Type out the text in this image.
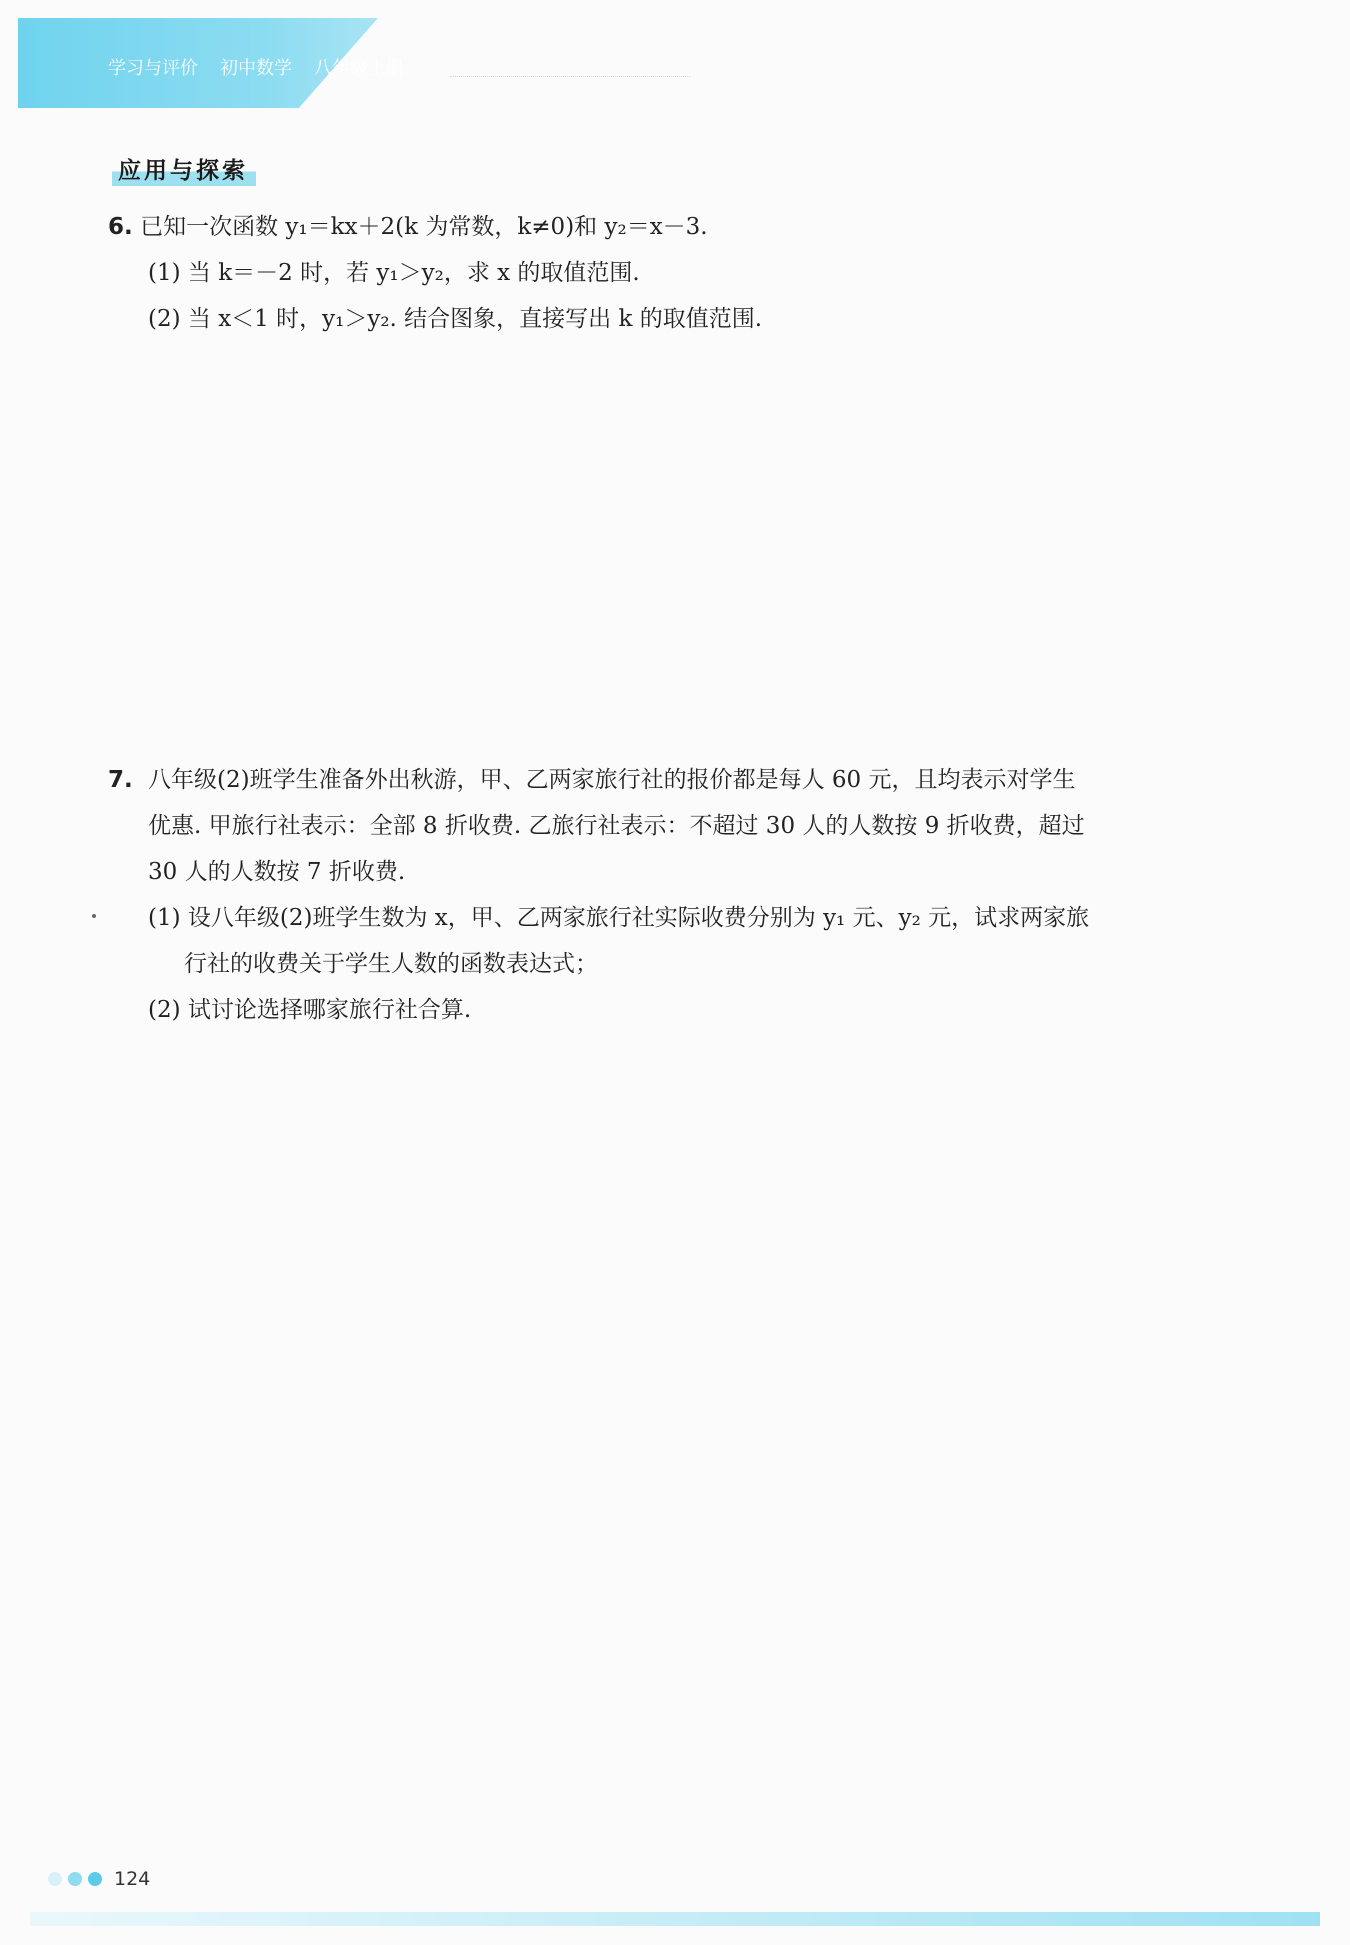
学习与评价 初中数学 八年级上册
应用与探索
6. 已知一次函数 y₁＝kx＋2(k 为常数，k≠0)和 y₂＝x－3.
(1) 当 k＝－2 时，若 y₁＞y₂，求 x 的取值范围.
(2) 当 x＜1 时，y₁＞y₂. 结合图象，直接写出 k 的取值范围.
7. 八年级(2)班学生准备外出秋游，甲、乙两家旅行社的报价都是每人 60 元，且均表示对学生
优惠. 甲旅行社表示：全部 8 折收费. 乙旅行社表示：不超过 30 人的人数按 9 折收费，超过
30 人的人数按 7 折收费.
(1) 设八年级(2)班学生数为 x，甲、乙两家旅行社实际收费分别为 y₁ 元、y₂ 元，试求两家旅
行社的收费关于学生人数的函数表达式；
(2) 试讨论选择哪家旅行社合算.
124
